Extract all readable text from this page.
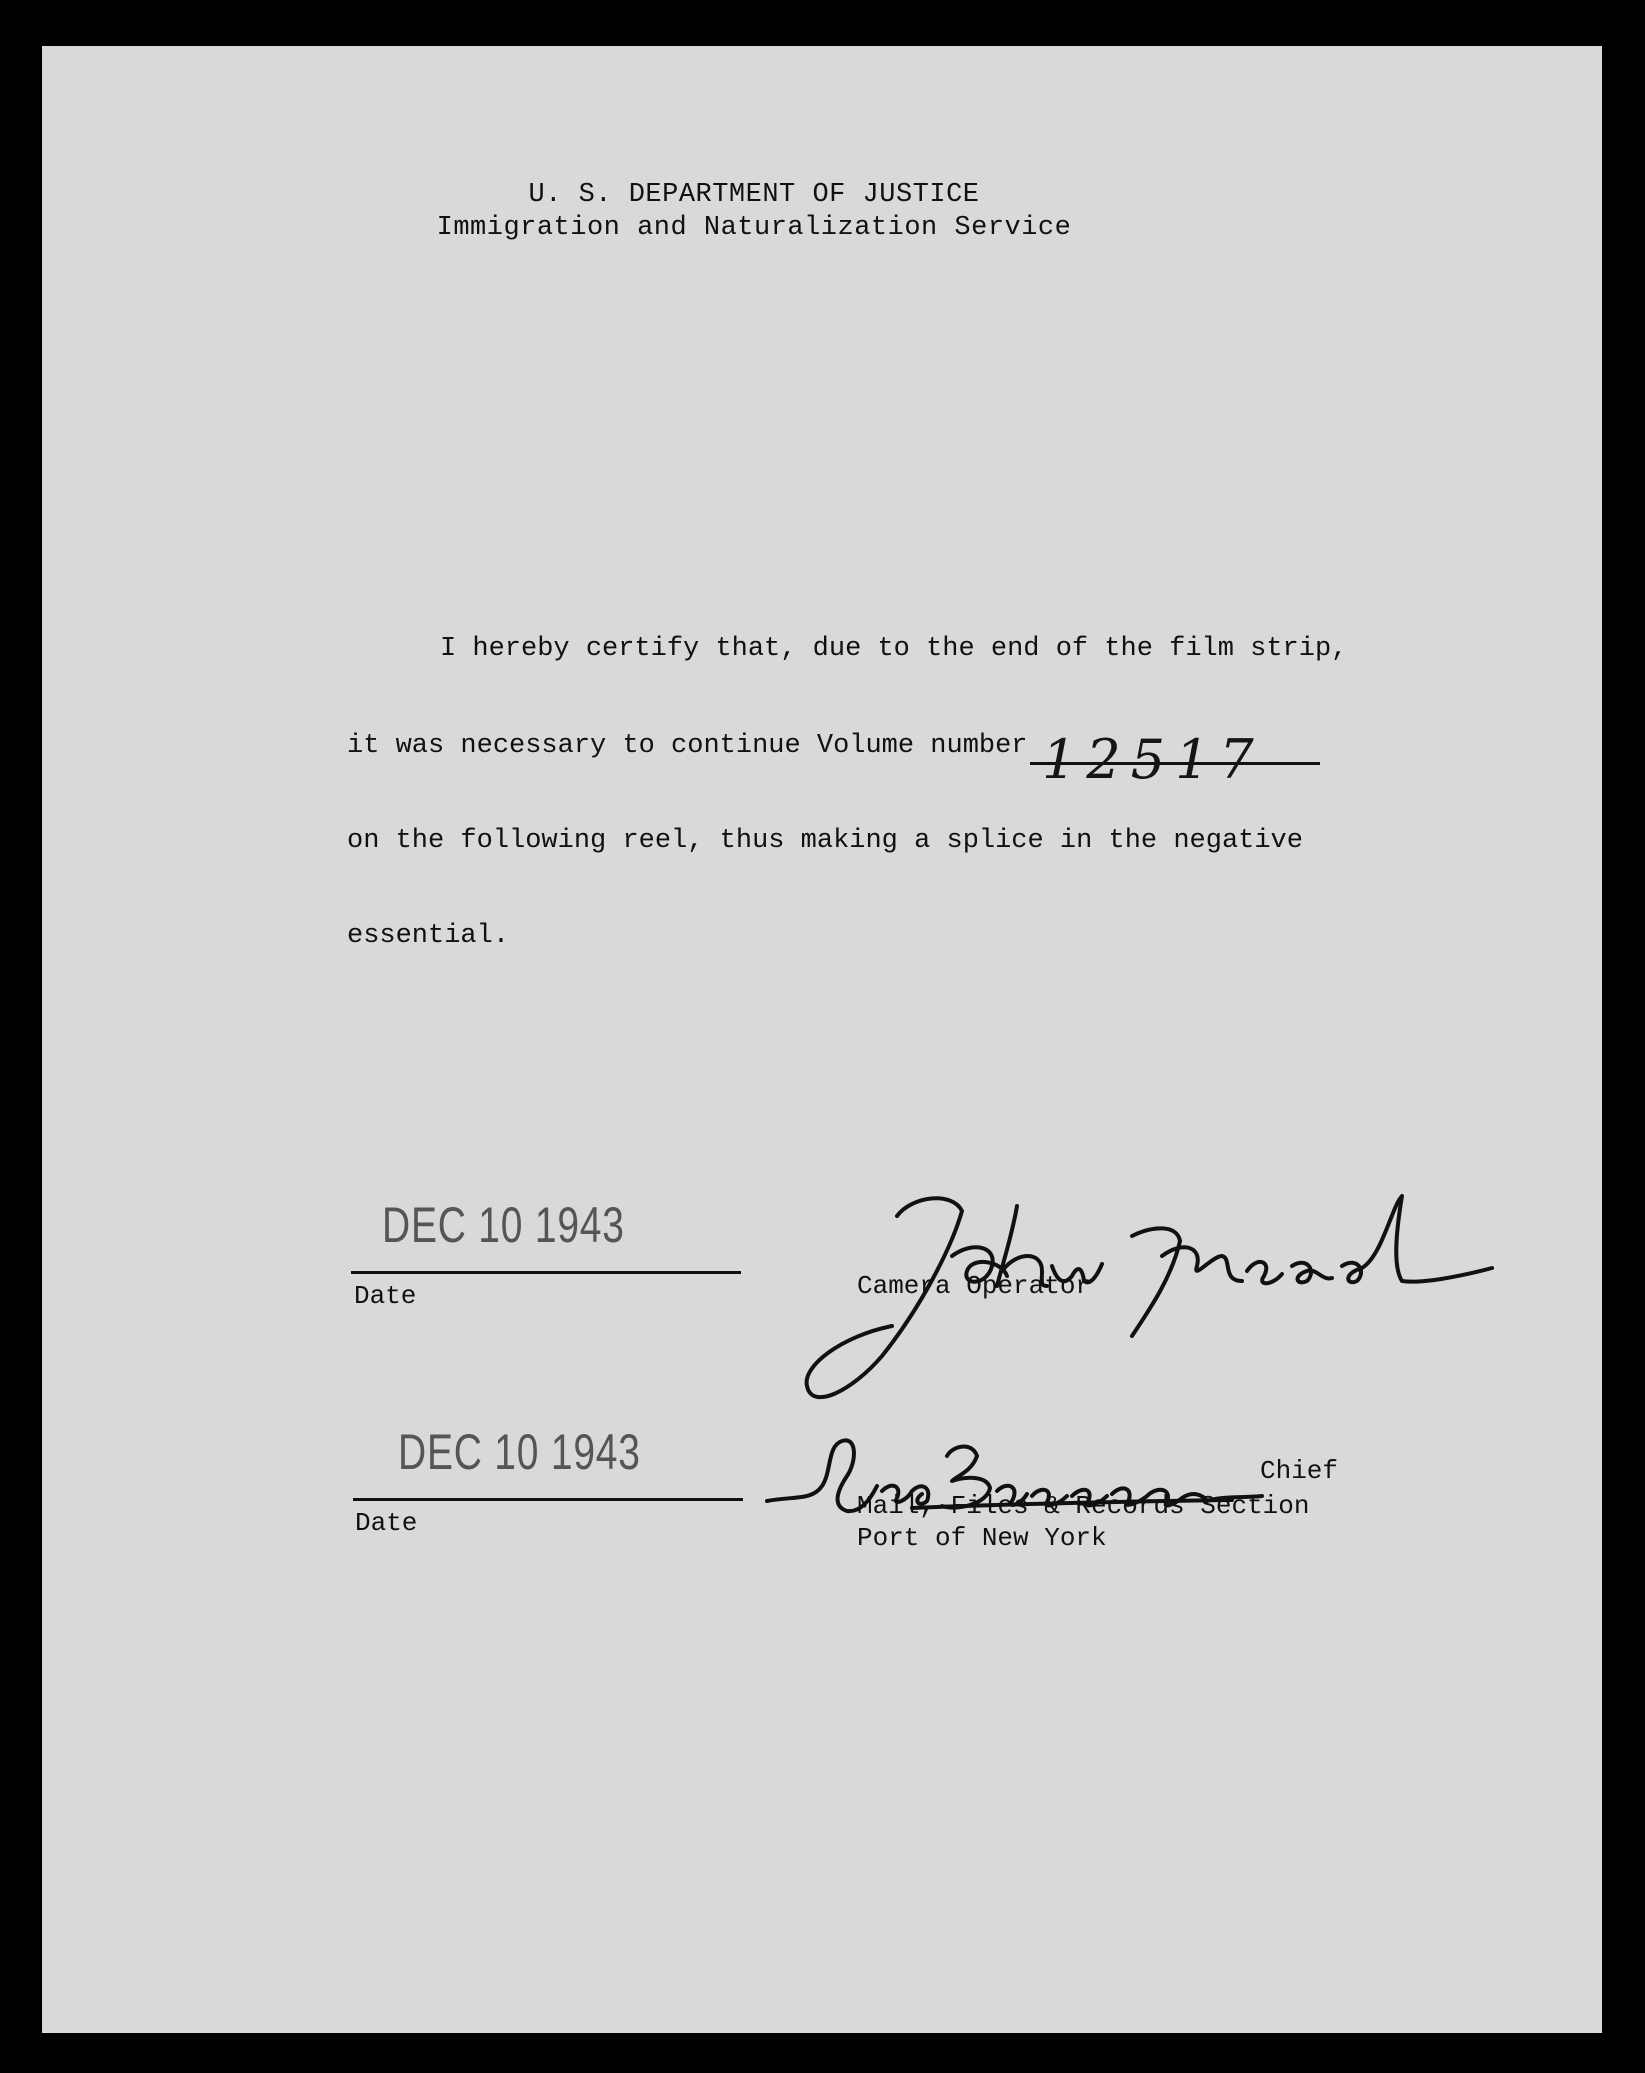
U. S. DEPARTMENT OF JUSTICE
Immigration and Naturalization Service
I hereby certify that, due to the end of the film strip,
it was necessary to continue Volume number 12517
on the following reel, thus making a splice in the negative
essential.
DEC 10 1943
Date	Camera Operator
DEC 10 1943
Date
Chief
Mail, Files & Records Section
Port of New York
